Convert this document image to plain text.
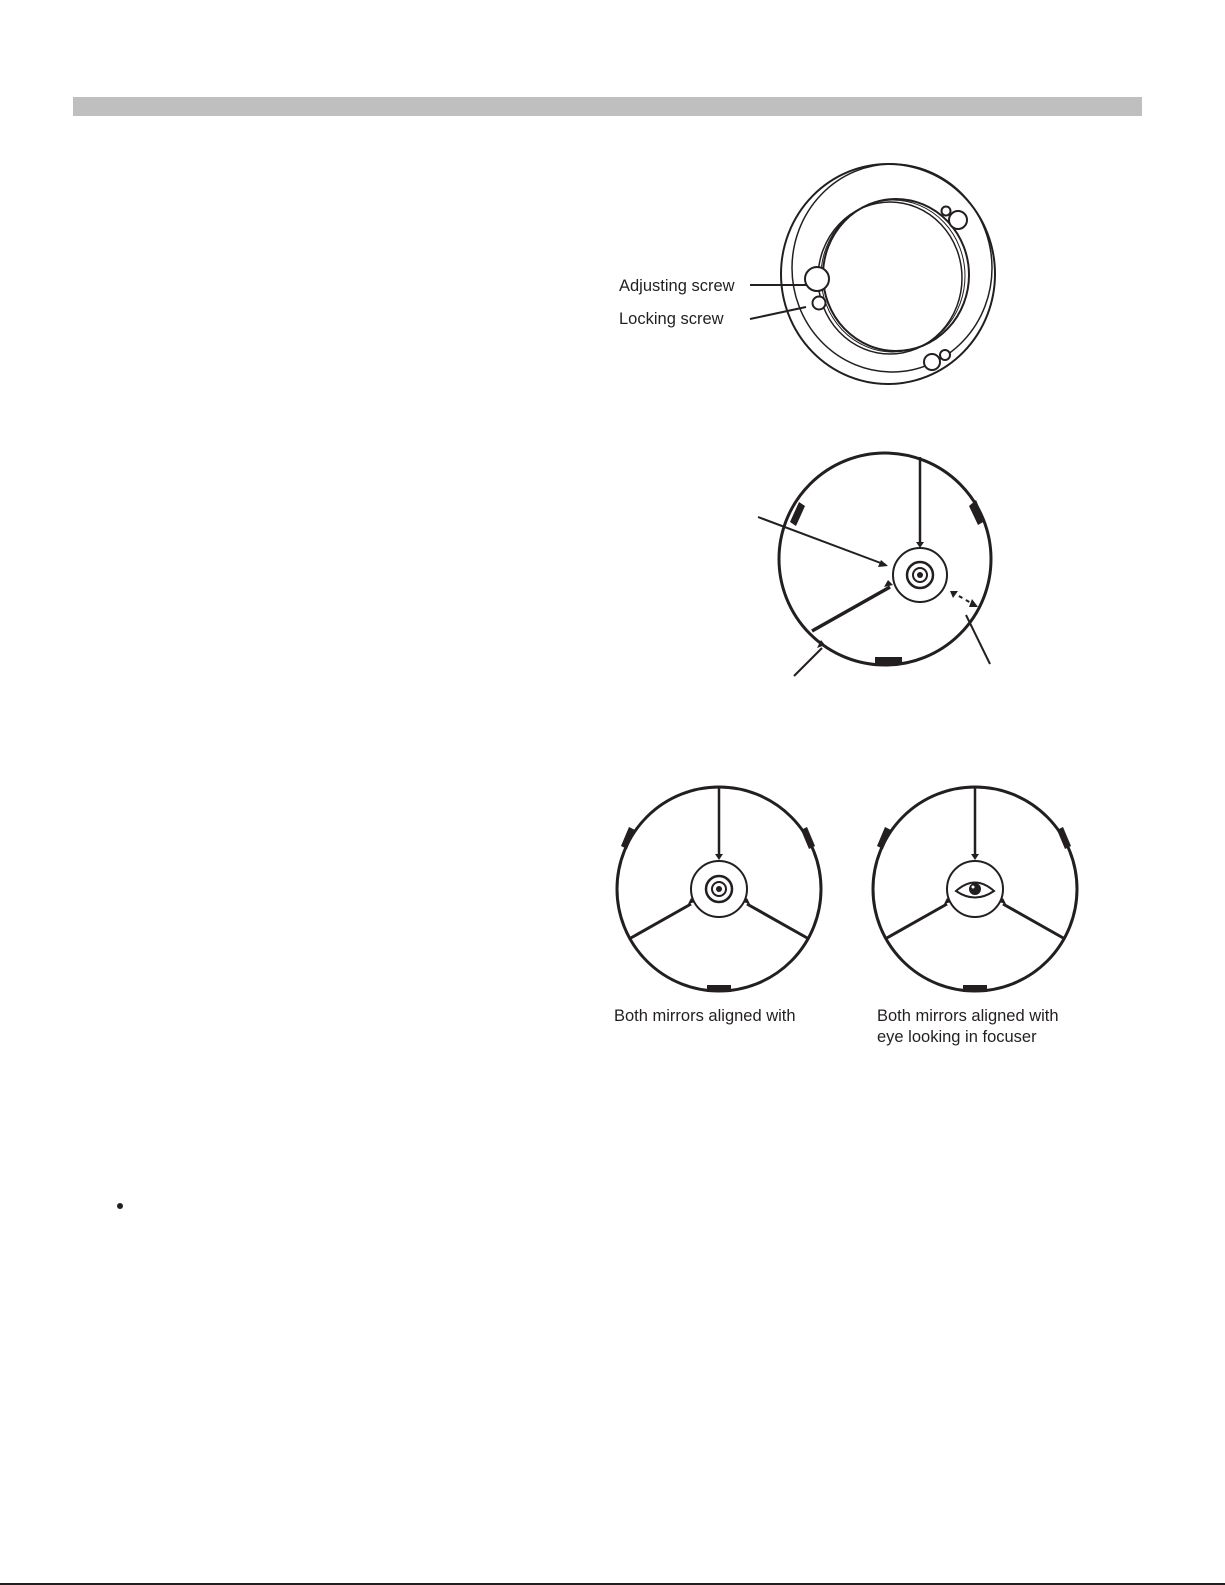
Adjusting screw
Locking screw
Both mirrors aligned with	Both mirrors aligned with
eye looking in focuser
